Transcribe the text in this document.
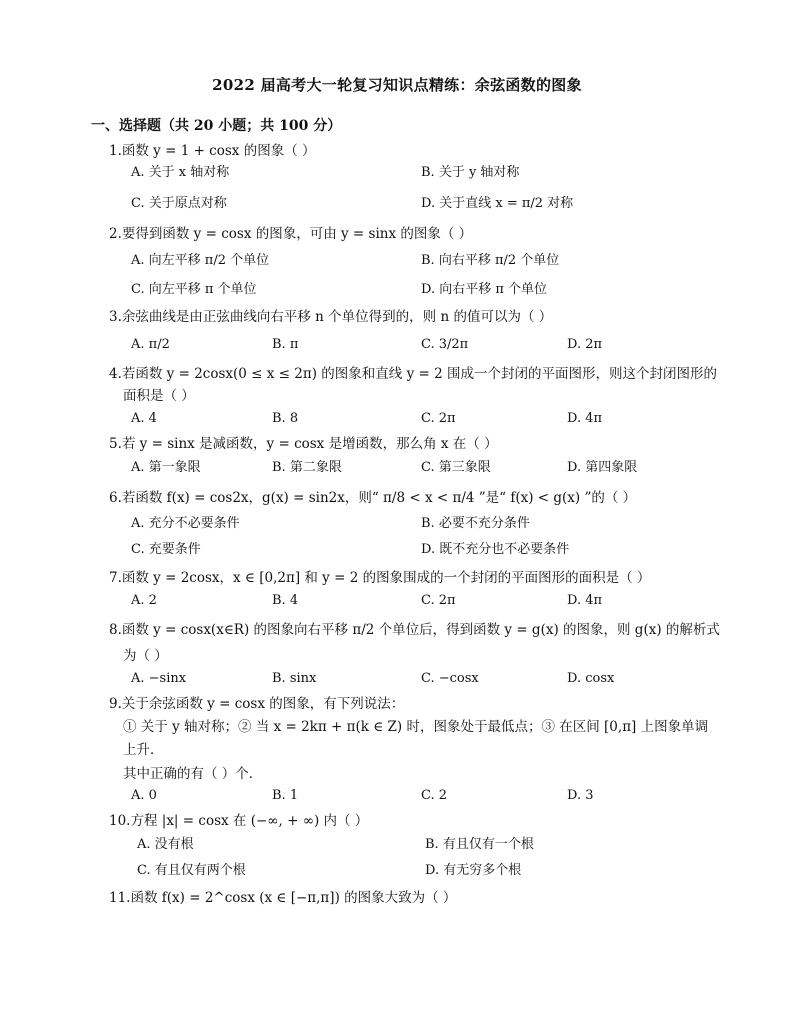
2022 届高考大一轮复习知识点精练：余弦函数的图象
一、选择题（共 20 小题；共 100 分）
1.函数 y = 1 + cosx 的图象（ ）
A. 关于 x 轴对称	B. 关于 y 轴对称
C. 关于原点对称	D. 关于直线 x = π/2 对称
2.要得到函数 y = cosx 的图象，可由 y = sinx 的图象（ ）
A. 向左平移 π/2 个单位	B. 向右平移 π/2 个单位
C. 向左平移 π 个单位	D. 向右平移 π 个单位
3.余弦曲线是由正弦曲线向右平移 n 个单位得到的，则 n 的值可以为（ ）
A. π/2	B. π	C. 3/2π	D. 2π
4.若函数 y = 2cosx(0 ≤ x ≤ 2π) 的图象和直线 y = 2 围成一个封闭的平面图形，则这个封闭图形的
面积是（ ）
A. 4	B. 8	C. 2π	D. 4π
5.若 y = sinx 是减函数，y = cosx 是增函数，那么角 x 在（ ）
A. 第一象限	B. 第二象限	C. 第三象限	D. 第四象限
6.若函数 f(x) = cos2x，g(x) = sin2x，则“ π/8 < x < π/4 ”是“ f(x) < g(x) ”的（ ）
A. 充分不必要条件	B. 必要不充分条件
C. 充要条件	D. 既不充分也不必要条件
7.函数 y = 2cosx，x ∈ [0,2π] 和 y = 2 的图象围成的一个封闭的平面图形的面积是（ ）
A. 2	B. 4	C. 2π	D. 4π
8.函数 y = cosx(x∈R) 的图象向右平移 π/2 个单位后，得到函数 y = g(x) 的图象，则 g(x) 的解析式
为（ ）
A. −sinx	B. sinx	C. −cosx	D. cosx
9.关于余弦函数 y = cosx 的图象，有下列说法：
① 关于 y 轴对称；② 当 x = 2kπ + π(k ∈ Z) 时，图象处于最低点；③ 在区间 [0,π] 上图象单调
上升．
其中正确的有（ ）个．
A. 0	B. 1	C. 2	D. 3
10.方程 |x| = cosx 在 (−∞, + ∞) 内（ ）
A. 没有根	B. 有且仅有一个根
C. 有且仅有两个根	D. 有无穷多个根
11.函数 f(x) = 2^cosx (x ∈ [−π,π]) 的图象大致为（ ）
